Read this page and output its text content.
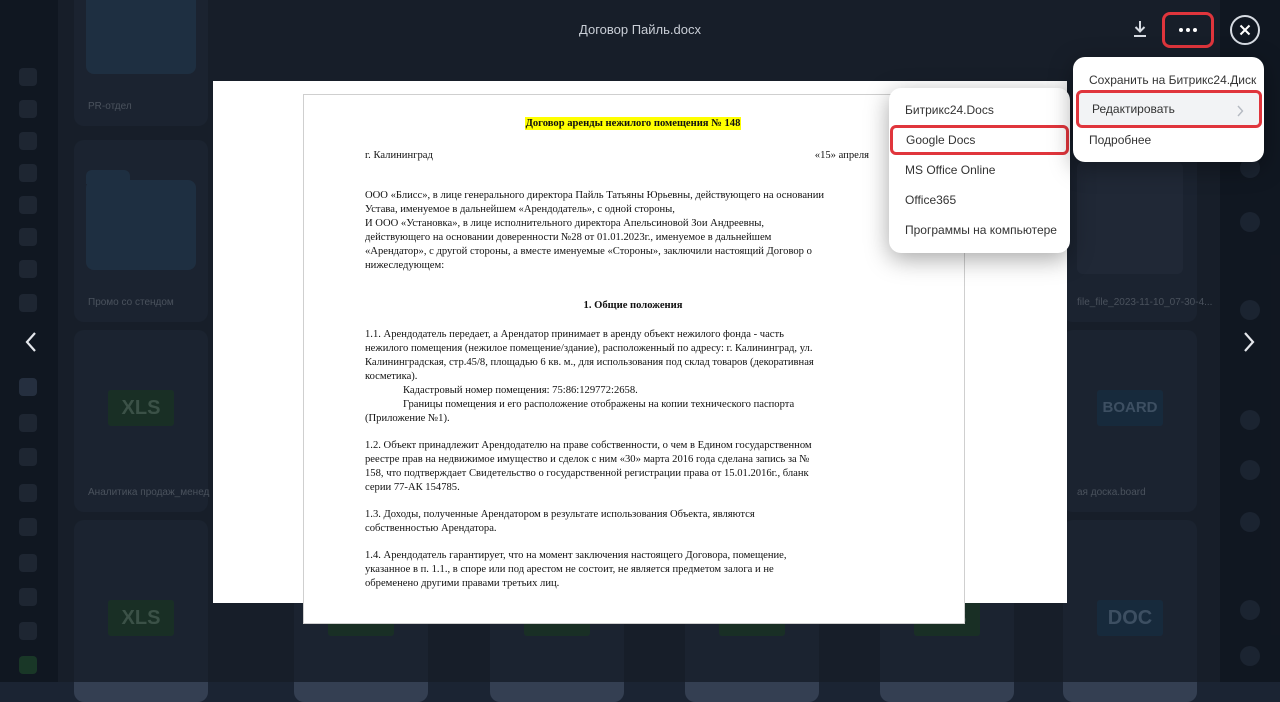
Договор Пайль.docx
Договор аренды нежилого помещения № 148
г. Калининград	«15» апреля
ООО «Блисс», в лице генерального директора Пайль Татьяны Юрьевны, действующего на основании
Устава, именуемое в дальнейшем «Арендодатель», с одной стороны,
И ООО «Установка», в лице исполнительного директора Апельсиновой Зои Андреевны,
действующего на основании доверенности №28 от 01.01.2023г., именуемое в дальнейшем
«Арендатор», с другой стороны, а вместе именуемые «Стороны», заключили настоящий Договор о
нижеследующем:
1. Общие положения
1.1. Арендодатель передает, а Арендатор принимает в аренду объект нежилого фонда - часть
нежилого помещения (нежилое помещение/здание), расположенный по адресу: г. Калининград, ул.
Калининградская, стр.45/8, площадью 6 кв. м., для использования под склад товаров (декоративная
косметика).
Кадастровый номер помещения: 75:86:129772:2658.
Границы помещения и его расположение отображены на копии технического паспорта
(Приложение №1).
1.2. Объект принадлежит Арендодателю на праве собственности, о чем в Едином государственном
реестре прав на недвижимое имущество и сделок с ним «30» марта 2016 года сделана запись за №
158, что подтверждает Свидетельство о государственной регистрации права от 15.01.2016г., бланк
серии 77-АК 154785.
1.3. Доходы, полученные Арендатором в результате использования Объекта, являются
собственностью Арендатора.
1.4. Арендодатель гарантирует, что на момент заключения настоящего Договора, помещение,
указанное в п. 1.1., в споре или под арестом не состоит, не является предметом залога и не
обременено другими правами третьих лиц.
Битрикс24.Docs
Google Docs
MS Office Online
Office365
Программы на компьютере
Сохранить на Битрикс24.Диск
Редактировать
Подробнее
